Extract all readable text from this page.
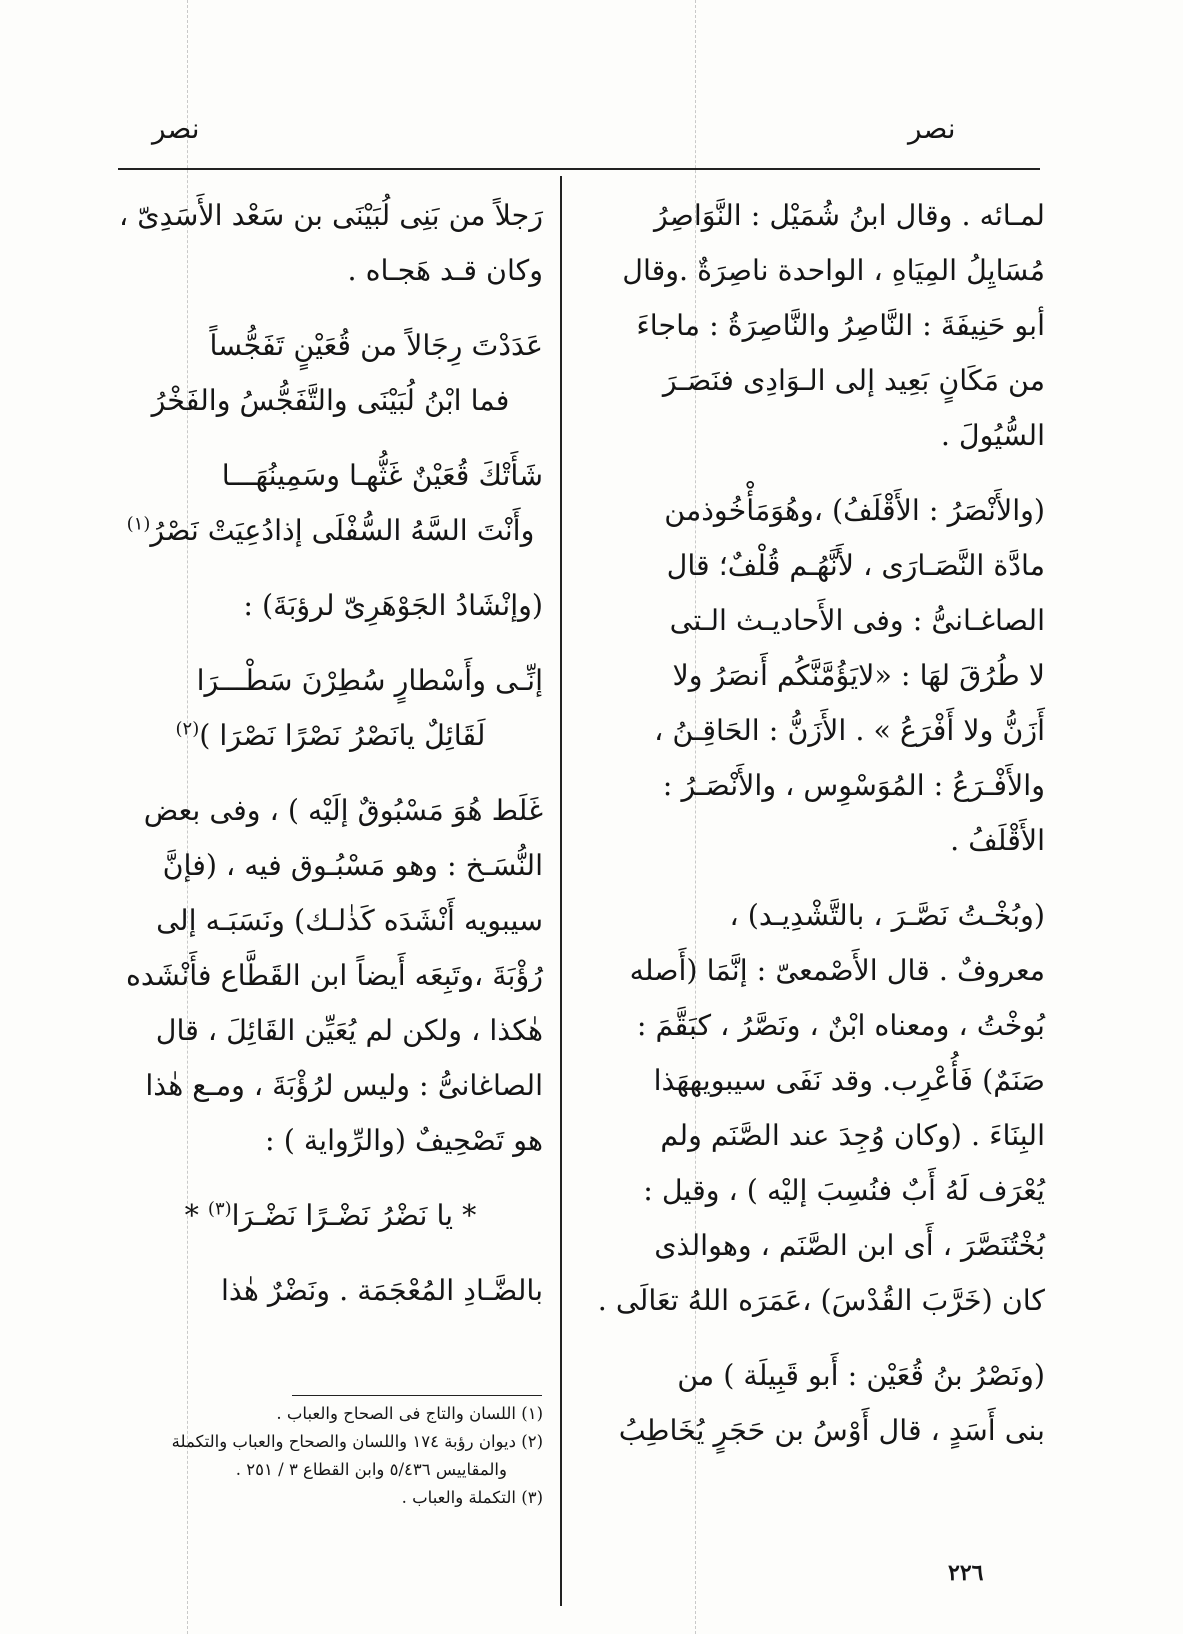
نصر	نصر

لمـائه . وقال ابنُ شُمَيْل : النَّوَاصِرُ

مُسَايِلُ المِيَاهِ ، الواحدة ناصِرَةٌ .وقال

أبو حَنِيفَةَ : النَّاصِرُ والنَّاصِرَةُ : ماجاءَ

من مَكَانٍ بَعِيد إلى الـوَادِى فنَصَـرَ

السُّيُولَ .

(والأَنْصَرُ : الأَقْلَفُ) ،وهُوَمَأْخُوذمن

مادَّة النَّصَـارَى ، لأَنَّهُـم قُلْفٌ؛ قال

الصاغـانىُّ : وفى الأَحاديـث الـتى

لا طُرُقَ لهَا : «لايَؤُمَّنَّكُم أَنصَرُ ولا

أَزَنُّ ولا أَفْرَعُ » . الأَزَنُّ : الحَاقِـنُ ،

والأَفْـرَعُ : المُوَسْوِس ، والأَنْصَـرُ :

الأَقْلَفُ .

(وبُخْـتُ نَصَّـرَ ، بالتَّشْدِيـد) ،

معروفٌ . قال الأَصْمعىّ : إنَّمَا (أَصله

بُوخْتُ ، ومعناه ابْنٌ ، ونَصَّرُ ، كبَقَّمَ :

صَنَمٌ) فَأُعْرِب. وقد نَفَى سيبويههَذا

البِنَاءَ . (وكان وُجِدَ عند الصَّنَم ولم

يُعْرَف لَهُ أَبٌ فنُسِبَ إليْه ) ، وقيل :

بُخْتُنَصَّرَ ، أَى ابن الصَّنَم ، وهوالذى

كان (خَرَّبَ القُدْسَ) ،عَمَرَه اللهُ تعَالَى .

(ونَصْرُ بنُ قُعَيْن : أَبو قَبِيلَة ) من

بنى أَسَدٍ ، قال أَوْسُ بن حَجَرٍ يُخَاطِبُ

رَجلاً من بَنِى لُبَيْنَى بن سَعْد الأَسَدِىّ ،

وكان قـد هَجـاه .

عَدَدْتَ رِجَالاً من قُعَيْنٍ تَفَجُّساً

فما ابْنُ لُبَيْنَى والتَّفَجُّسُ والفَخْرُ

شَأَتْكَ قُعَيْنٌ غَثُّهـا وسَمِينُهَـــا

وأَنْتَ السَّهُ السُّفْلَى إذادُعِيَتْ نَصْرُ$^{(١)}$

(وإنْشَادُ الجَوْهَرِىّ لرؤبَةَ) :

إنِّـى وأَسْطارٍ سُطِرْنَ سَطْـــرَا

لَقَائِلٌ يانَصْرُ نَصْرًا نَصْرَا )$^{(٢)}$

غَلَط هُوَ مَسْبُوقٌ إلَيْه ) ، وفى بعض

النُّسَـخ : وهو مَسْبُـوق فيه ، (فإنَّ

سيبويه أَنْشَدَه كَذٰلـك) ونَسَبَـه إلى

رُؤْبَةَ ،وتَبِعَه أَيضاً ابن القَطَّاع فأَنْشَده

هٰكذا ، ولكن لم يُعَيِّن القَائِلَ ، قال

الصاغانىُّ : وليس لرُؤْبَةَ ، ومـع هٰذا

هو تَصْحِيفٌ (والرِّواية ) :

* يا نَضْرُ نَضْـرًا نَضْـرَا$^{(٣)}$ *

بالضَّـادِ المُعْجَمَة . ونَضْرٌ هٰذا

(١) اللسان والتاج فى الصحاح والعباب .

(٢) ديوان رؤبة ١٧٤ واللسان والصحاح والعباب والتكملة

والمقاييس ٥/٤٣٦ وابن القطاع ٣ / ٢٥١ .

(٣) التكملة والعباب .

٢٢٦
